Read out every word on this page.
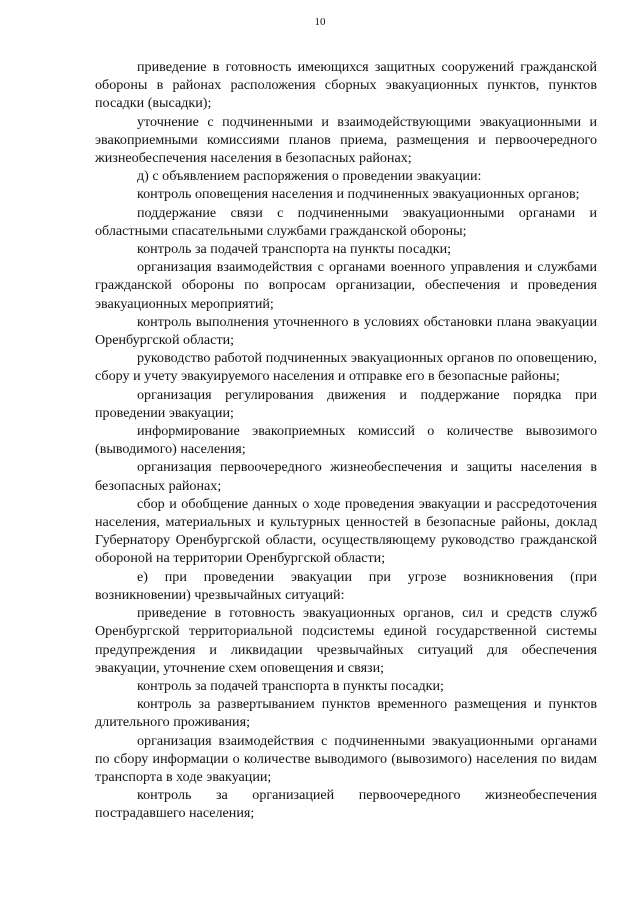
10

приведение в готовность имеющихся защитных сооружений гражданской обороны в районах расположения сборных эвакуационных пунктов, пунктов посадки (высадки);

уточнение с подчиненными и взаимодействующими эвакуационными и эвакоприемными комиссиями планов приема, размещения и первоочередного жизнеобеспечения населения в безопасных районах;

д) с объявлением распоряжения о проведении эвакуации:

контроль оповещения населения и подчиненных эвакуационных органов;

поддержание связи с подчиненными эвакуационными органами и областными спасательными службами гражданской обороны;

контроль за подачей транспорта на пункты посадки;

организация взаимодействия с органами военного управления и службами гражданской обороны по вопросам организации, обеспечения и проведения эвакуационных мероприятий;

контроль выполнения уточненного в условиях обстановки плана эвакуации Оренбургской области;

руководство работой подчиненных эвакуационных органов по оповещению, сбору и учету эвакуируемого населения и отправке его в безопасные районы;

организация регулирования движения и поддержание порядка при проведении эвакуации;

информирование эвакоприемных комиссий о количестве вывозимого (выводимого) населения;

организация первоочередного жизнеобеспечения и защиты населения в безопасных районах;

сбор и обобщение данных о ходе проведения эвакуации и рассредоточения населения, материальных и культурных ценностей в безопасные районы, доклад Губернатору Оренбургской области, осуществляющему руководство гражданской обороной на территории Оренбургской области;

е) при проведении эвакуации при угрозе возникновения (при возникновении) чрезвычайных ситуаций:

приведение в готовность эвакуационных органов, сил и средств служб Оренбургской территориальной подсистемы единой государственной системы предупреждения и ликвидации чрезвычайных ситуаций для обеспечения эвакуации, уточнение схем оповещения и связи;

контроль за подачей транспорта в пункты посадки;

контроль за развертыванием пунктов временного размещения и пунктов длительного проживания;

организация взаимодействия с подчиненными эвакуационными органами по сбору информации о количестве выводимого (вывозимого) населения по видам транспорта в ходе эвакуации;

контроль за организацией первоочередного жизнеобеспечения пострадавшего населения;
